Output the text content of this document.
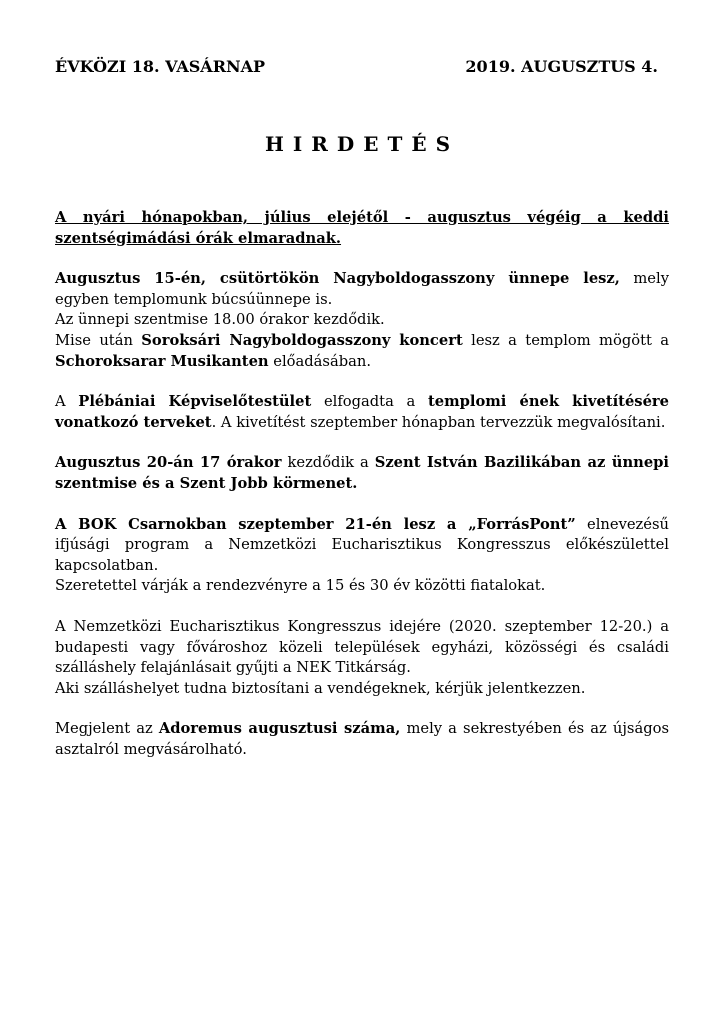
ÉVKÖZI 18. VASÁRNAP	2019. AUGUSZTUS 4.
HIRDETÉS

A nyári hónapokban, július elejétől - augusztus végéig a keddi szentségimádási órák elmaradnak.

Augusztus 15-én, csütörtökön Nagyboldogasszony ünnepe lesz, mely egyben templomunk búcsúünnepe is.
Az ünnepi szentmise 18.00 órakor kezdődik.
Mise után Soroksári Nagyboldogasszony koncert lesz a templom mögött a Schoroksarar Musikanten előadásában.

A Plébániai Képviselőtestület elfogadta a templomi ének kivetítésére vonatkozó terveket. A kivetítést szeptember hónapban tervezzük megvalósítani.

Augusztus 20-án 17 órakor kezdődik a Szent István Bazilikában az ünnepi szentmise és a Szent Jobb körmenet.

A BOK Csarnokban szeptember 21-én lesz a „ForrásPont” elnevezésű ifjúsági program a Nemzetközi Eucharisztikus Kongresszus előkészülettel kapcsolatban.
Szeretettel várják a rendezvényre a 15 és 30 év közötti fiatalokat.

A Nemzetközi Eucharisztikus Kongresszus idejére (2020. szeptember 12-20.) a budapesti vagy fővároshoz közeli települések egyházi, közösségi és családi szálláshely felajánlásait gyűjti a NEK Titkárság.
Aki szálláshelyet tudna biztosítani a vendégeknek, kérjük jelentkezzen.

Megjelent az Adoremus augusztusi száma, mely a sekrestyében és az újságos asztalról megvásárolható.
